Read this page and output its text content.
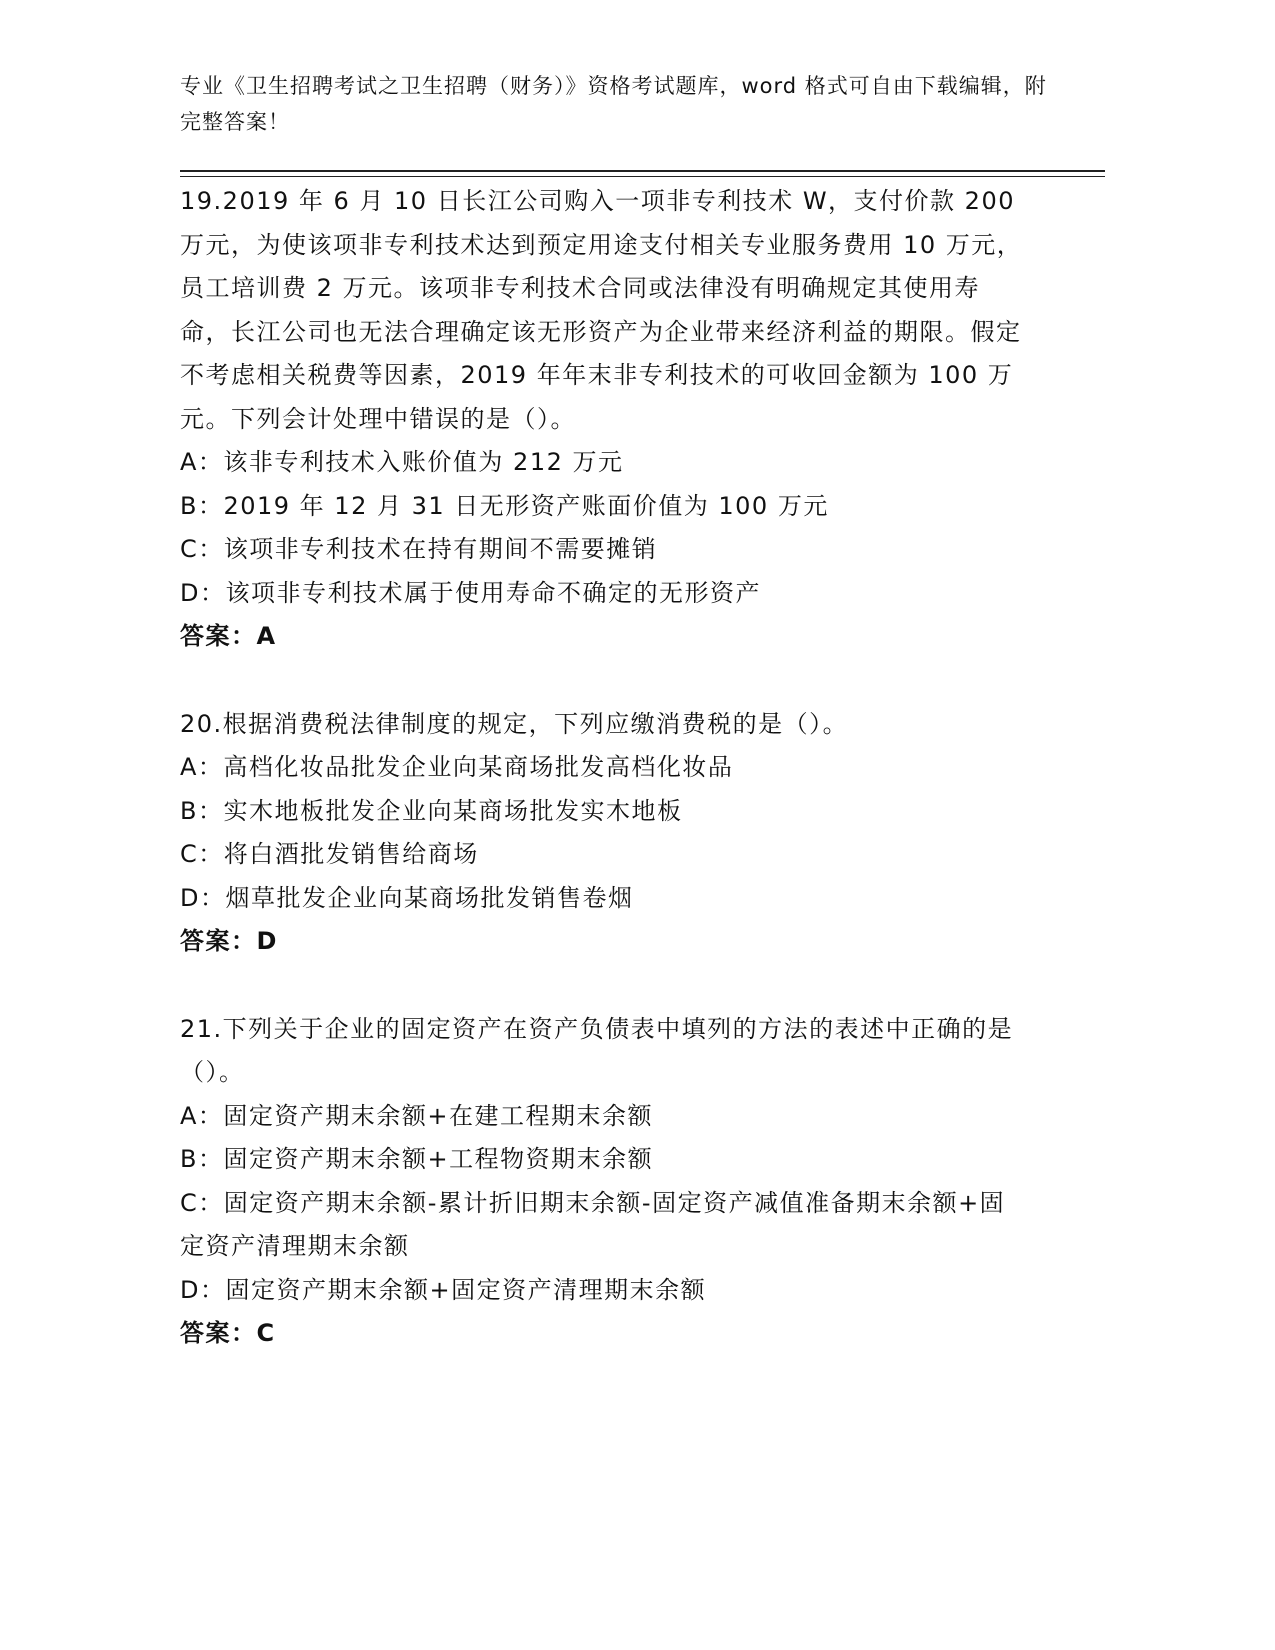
专业《卫生招聘考试之卫生招聘（财务）》资格考试题库，word 格式可自由下载编辑，附完整答案！
19.2019 年 6 月 10 日长江公司购入一项非专利技术 W，支付价款 200 万元，为使该项非专利技术达到预定用途支付相关专业服务费用 10 万元，员工培训费 2 万元。该项非专利技术合同或法律没有明确规定其使用寿命，长江公司也无法合理确定该无形资产为企业带来经济利益的期限。假定不考虑相关税费等因素，2019 年年末非专利技术的可收回金额为 100 万元。下列会计处理中错误的是（）。
A：该非专利技术入账价值为 212 万元
B：2019 年 12 月 31 日无形资产账面价值为 100 万元
C：该项非专利技术在持有期间不需要摊销
D：该项非专利技术属于使用寿命不确定的无形资产
答案：A
20.根据消费税法律制度的规定，下列应缴消费税的是（）。
A：高档化妆品批发企业向某商场批发高档化妆品
B：实木地板批发企业向某商场批发实木地板
C：将白酒批发销售给商场
D：烟草批发企业向某商场批发销售卷烟
答案：D
21.下列关于企业的固定资产在资产负债表中填列的方法的表述中正确的是（）。
A：固定资产期末余额+在建工程期末余额
B：固定资产期末余额+工程物资期末余额
C：固定资产期末余额-累计折旧期末余额-固定资产减值准备期末余额+固定资产清理期末余额
D：固定资产期末余额+固定资产清理期末余额
答案：C
